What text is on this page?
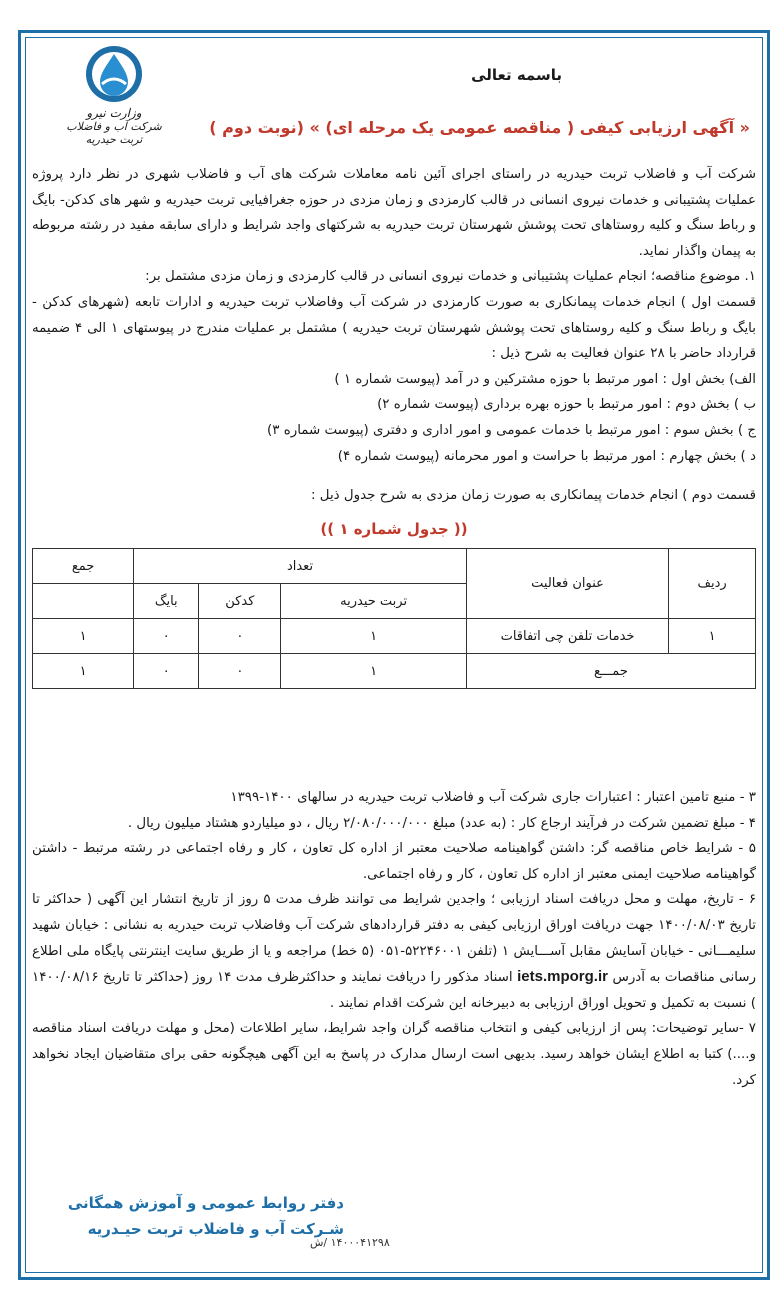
وزارت نیرو
شرکت آب و فاضلاب تربت حیدریه
باسمه تعالی
« آگهی ارزیابی کیفی ( مناقصه عمومی یک مرحله ای) » (نوبت دوم )

شرکت آب و فاضلاب تربت حیدریه در راستای اجرای آئین نامه معاملات شرکت های آب و فاضلاب شهری در نظر دارد پروژه عملیات پشتیبانی و خدمات نیروی انسانی در قالب کارمزدی و زمان مزدی در حوزه جغرافیایی تربت حیدریه و شهر های کدکن- بایگ و رباط سنگ و کلیه روستاهای تحت پوشش شهرستان تربت حیدریه به شرکتهای واجد شرایط و دارای سابقه مفید در رشته مربوطه به پیمان واگذار نماید.

۱. موضوع مناقصه؛ انجام عملیات پشتیبانی و خدمات نیروی انسانی در قالب کارمزدی و زمان مزدی مشتمل بر:

قسمت اول ) انجام خدمات پیمانکاری به صورت کارمزدی در شرکت آب وفاضلاب تربت حیدریه و ادارات تابعه (شهرهای کدکن - بایگ و رباط سنگ و کلیه روستاهای تحت پوشش شهرستان تربت حیدریه ) مشتمل بر عملیات مندرج در پیوستهای ۱ الی ۴ ضمیمه قرارداد حاضر با ۲۸ عنوان فعالیت به شرح ذیل :

الف) بخش اول : امور مرتبط با حوزه مشترکین و در آمد (پیوست شماره ۱ )

ب ) بخش دوم : امور مرتبط با حوزه بهره برداری (پیوست شماره ۲)

ج ) بخش سوم : امور مرتبط با خدمات عمومی و امور اداری و دفتری (پیوست شماره ۳)

د ) بخش چهارم : امور مرتبط با حراست و امور محرمانه (پیوست شماره ۴)

قسمت دوم ) انجام خدمات پیمانکاری به صورت زمان مزدی به شرح جدول ذیل :

(( جدول شماره ۱ ))
ردیف	عنوان فعالیت	تعداد			جمع
		تربت حیدریه	کدکن	بایگ	
۱	خدمات تلفن چی اتفاقات	۱	۰	۰	۱
جمـــع		۱	۰	۰	۱

۳ - منبع تامین اعتبار : اعتبارات جاری شرکت آب و فاضلاب تربت حیدریه در سالهای ۱۴۰۰-۱۳۹۹

۴ - مبلغ تضمین شرکت در فرآیند ارجاع کار : (به عدد) مبلغ ۲/۰۸۰/۰۰۰/۰۰۰ ریال ، دو میلیاردو هشتاد میلیون ریال .

۵ - شرایط خاص مناقصه گر: داشتن گواهینامه صلاحیت معتبر از اداره کل تعاون ، کار و رفاه اجتماعی در رشته مرتبط - داشتن گواهینامه صلاحیت ایمنی معتبر از اداره کل تعاون ، کار و رفاه اجتماعی.

۶ - تاریخ، مهلت و محل دریافت اسناد ارزیابی ؛ واجدین شرایط می توانند ظرف مدت ۵ روز از تاریخ انتشار این آگهی ( حداکثر تا تاریخ ۱۴۰۰/۰۸/۰۳ جهت دریافت اوراق ارزیابی کیفی به دفتر قراردادهای شرکت آب وفاضلاب تربت حیدریه به نشانی : خیابان شهید سلیمـــانی - خیابان آسایش مقابل آســـایش ۱ (تلفن ۵۲۲۴۶۰۰۱-۰۵۱ (۵ خط) مراجعه و یا از طریق سایت اینترنتی پایگاه ملی اطلاع رسانی مناقصات به آدرس iets.mporg.ir اسناد مذکور را دریافت نمایند و حداکثرظرف مدت ۱۴ روز (حداکثر تا تاریخ ۱۴۰۰/۰۸/۱۶ ) نسبت به تکمیل و تحویل اوراق ارزیابی به دبیرخانه این شرکت اقدام نمایند .

۷ -سایر توضیحات: پس از ارزیابی کیفی و انتخاب مناقصه گران واجد شرایط، سایر اطلاعات (محل و مهلت دریافت اسناد مناقصه و....) کتبا به اطلاع ایشان خواهد رسید. بدیهی است ارسال مدارک در پاسخ به این آگهی هیچگونه حقی برای متقاضیان ایجاد نخواهد کرد.

دفتر روابط عمومی و آموزش همگانی
شـرکت آب و فاضلاب تربت حیـدریه
۱۴۰۰۰۴۱۲۹۸ /ش
